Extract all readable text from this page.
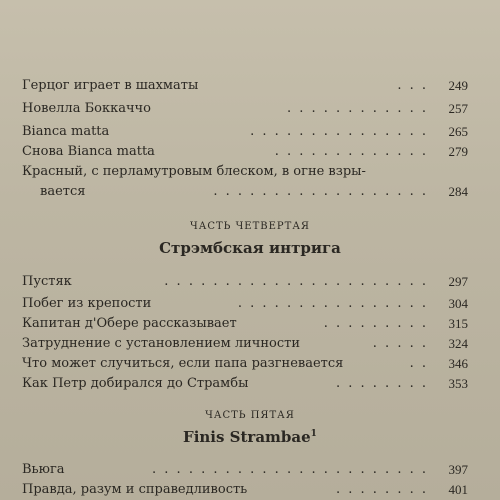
Герцог играет в шахматы	. . . 249
Новелла Боккаччо	. . . . . . . . . . . . 257
Bianca matta	. . . . . . . . . . . . . . . 265
Снова Bianca matta	. . . . . . . . . . . . . 279
Красный, с перламутровым блеском, в огне взры-
вается	. . . . . . . . . . . . . . . . . . 284
ЧАСТЬ ЧЕТВЕРТАЯ
Стрэмбская интрига
Пустяк	. . . . . . . . . . . . . . . . . . . . . . 297
Побег из крепости	. . . . . . . . . . . . . . . . 304
Капитан д'Обере рассказывает	. . . . . . . . . 315
Затруднение с установлением личности	. . . . . 324
Что может случиться, если папа разгневается	. . 346
Как Петр добирался до Страмбы	. . . . . . . . 353
ЧАСТЬ ПЯТАЯ
Finis Strambae$^1$
Вьюга	. . . . . . . . . . . . . . . . . . . . . . . 397
Правда, разум и справедливость	. . . . . . . . 401
